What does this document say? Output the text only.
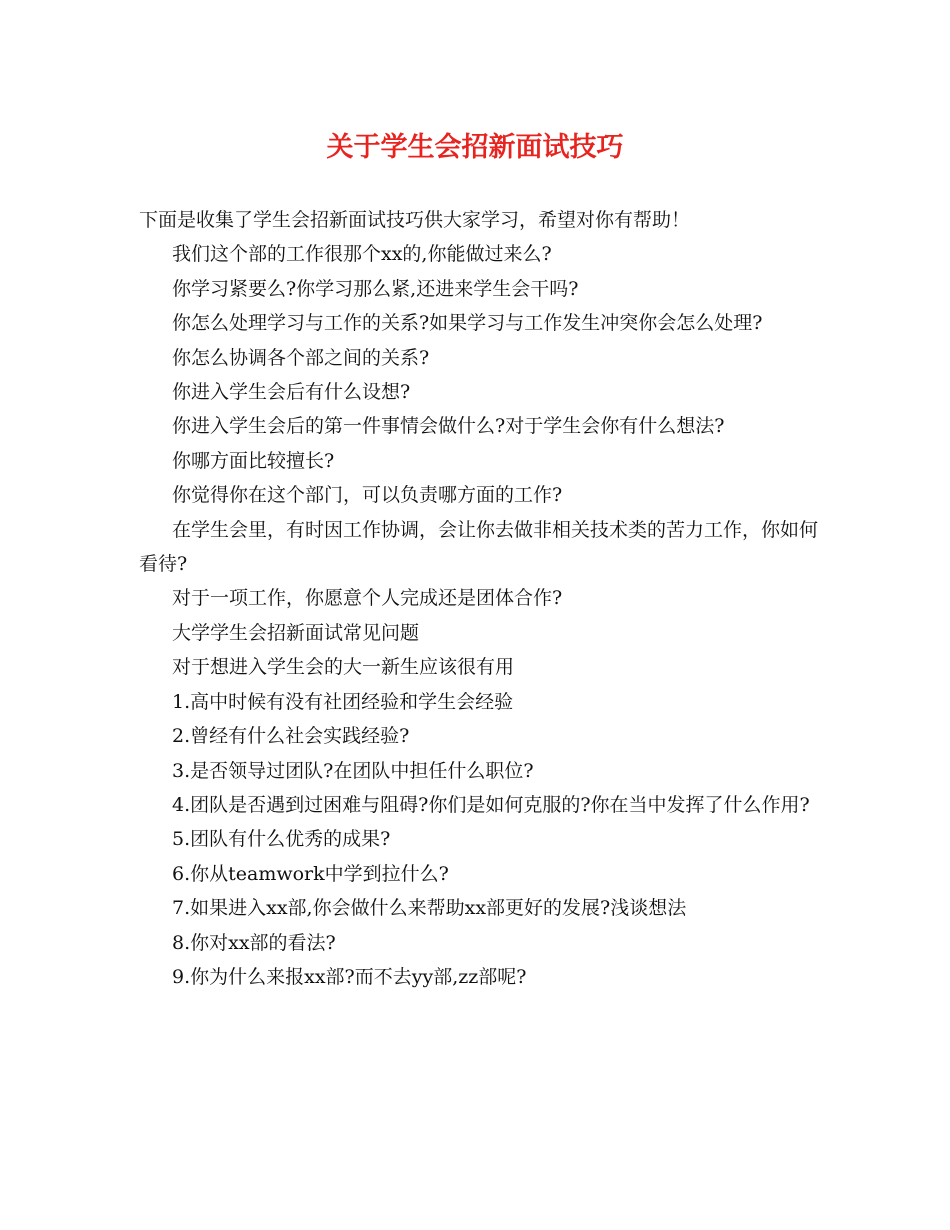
关于学生会招新面试技巧

下面是收集了学生会招新面试技巧供大家学习，希望对你有帮助！

我们这个部的工作很那个xx的,你能做过来么?

你学习紧要么?你学习那么紧,还进来学生会干吗?

你怎么处理学习与工作的关系?如果学习与工作发生冲突你会怎么处理?

你怎么协调各个部之间的关系?

你进入学生会后有什么设想?

你进入学生会后的第一件事情会做什么?对于学生会你有什么想法?

你哪方面比较擅长?

你觉得你在这个部门，可以负责哪方面的工作?

在学生会里，有时因工作协调，会让你去做非相关技术类的苦力工作，你如何看待?

对于一项工作，你愿意个人完成还是团体合作?

大学学生会招新面试常见问题

对于想进入学生会的大一新生应该很有用

1.高中时候有没有社团经验和学生会经验

2.曾经有什么社会实践经验?

3.是否领导过团队?在团队中担任什么职位?

4.团队是否遇到过困难与阻碍?你们是如何克服的?你在当中发挥了什么作用?

5.团队有什么优秀的成果?

6.你从teamwork中学到拉什么?

7.如果进入xx部,你会做什么来帮助xx部更好的发展?浅谈想法

8.你对xx部的看法?

9.你为什么来报xx部?而不去yy部,zz部呢?
